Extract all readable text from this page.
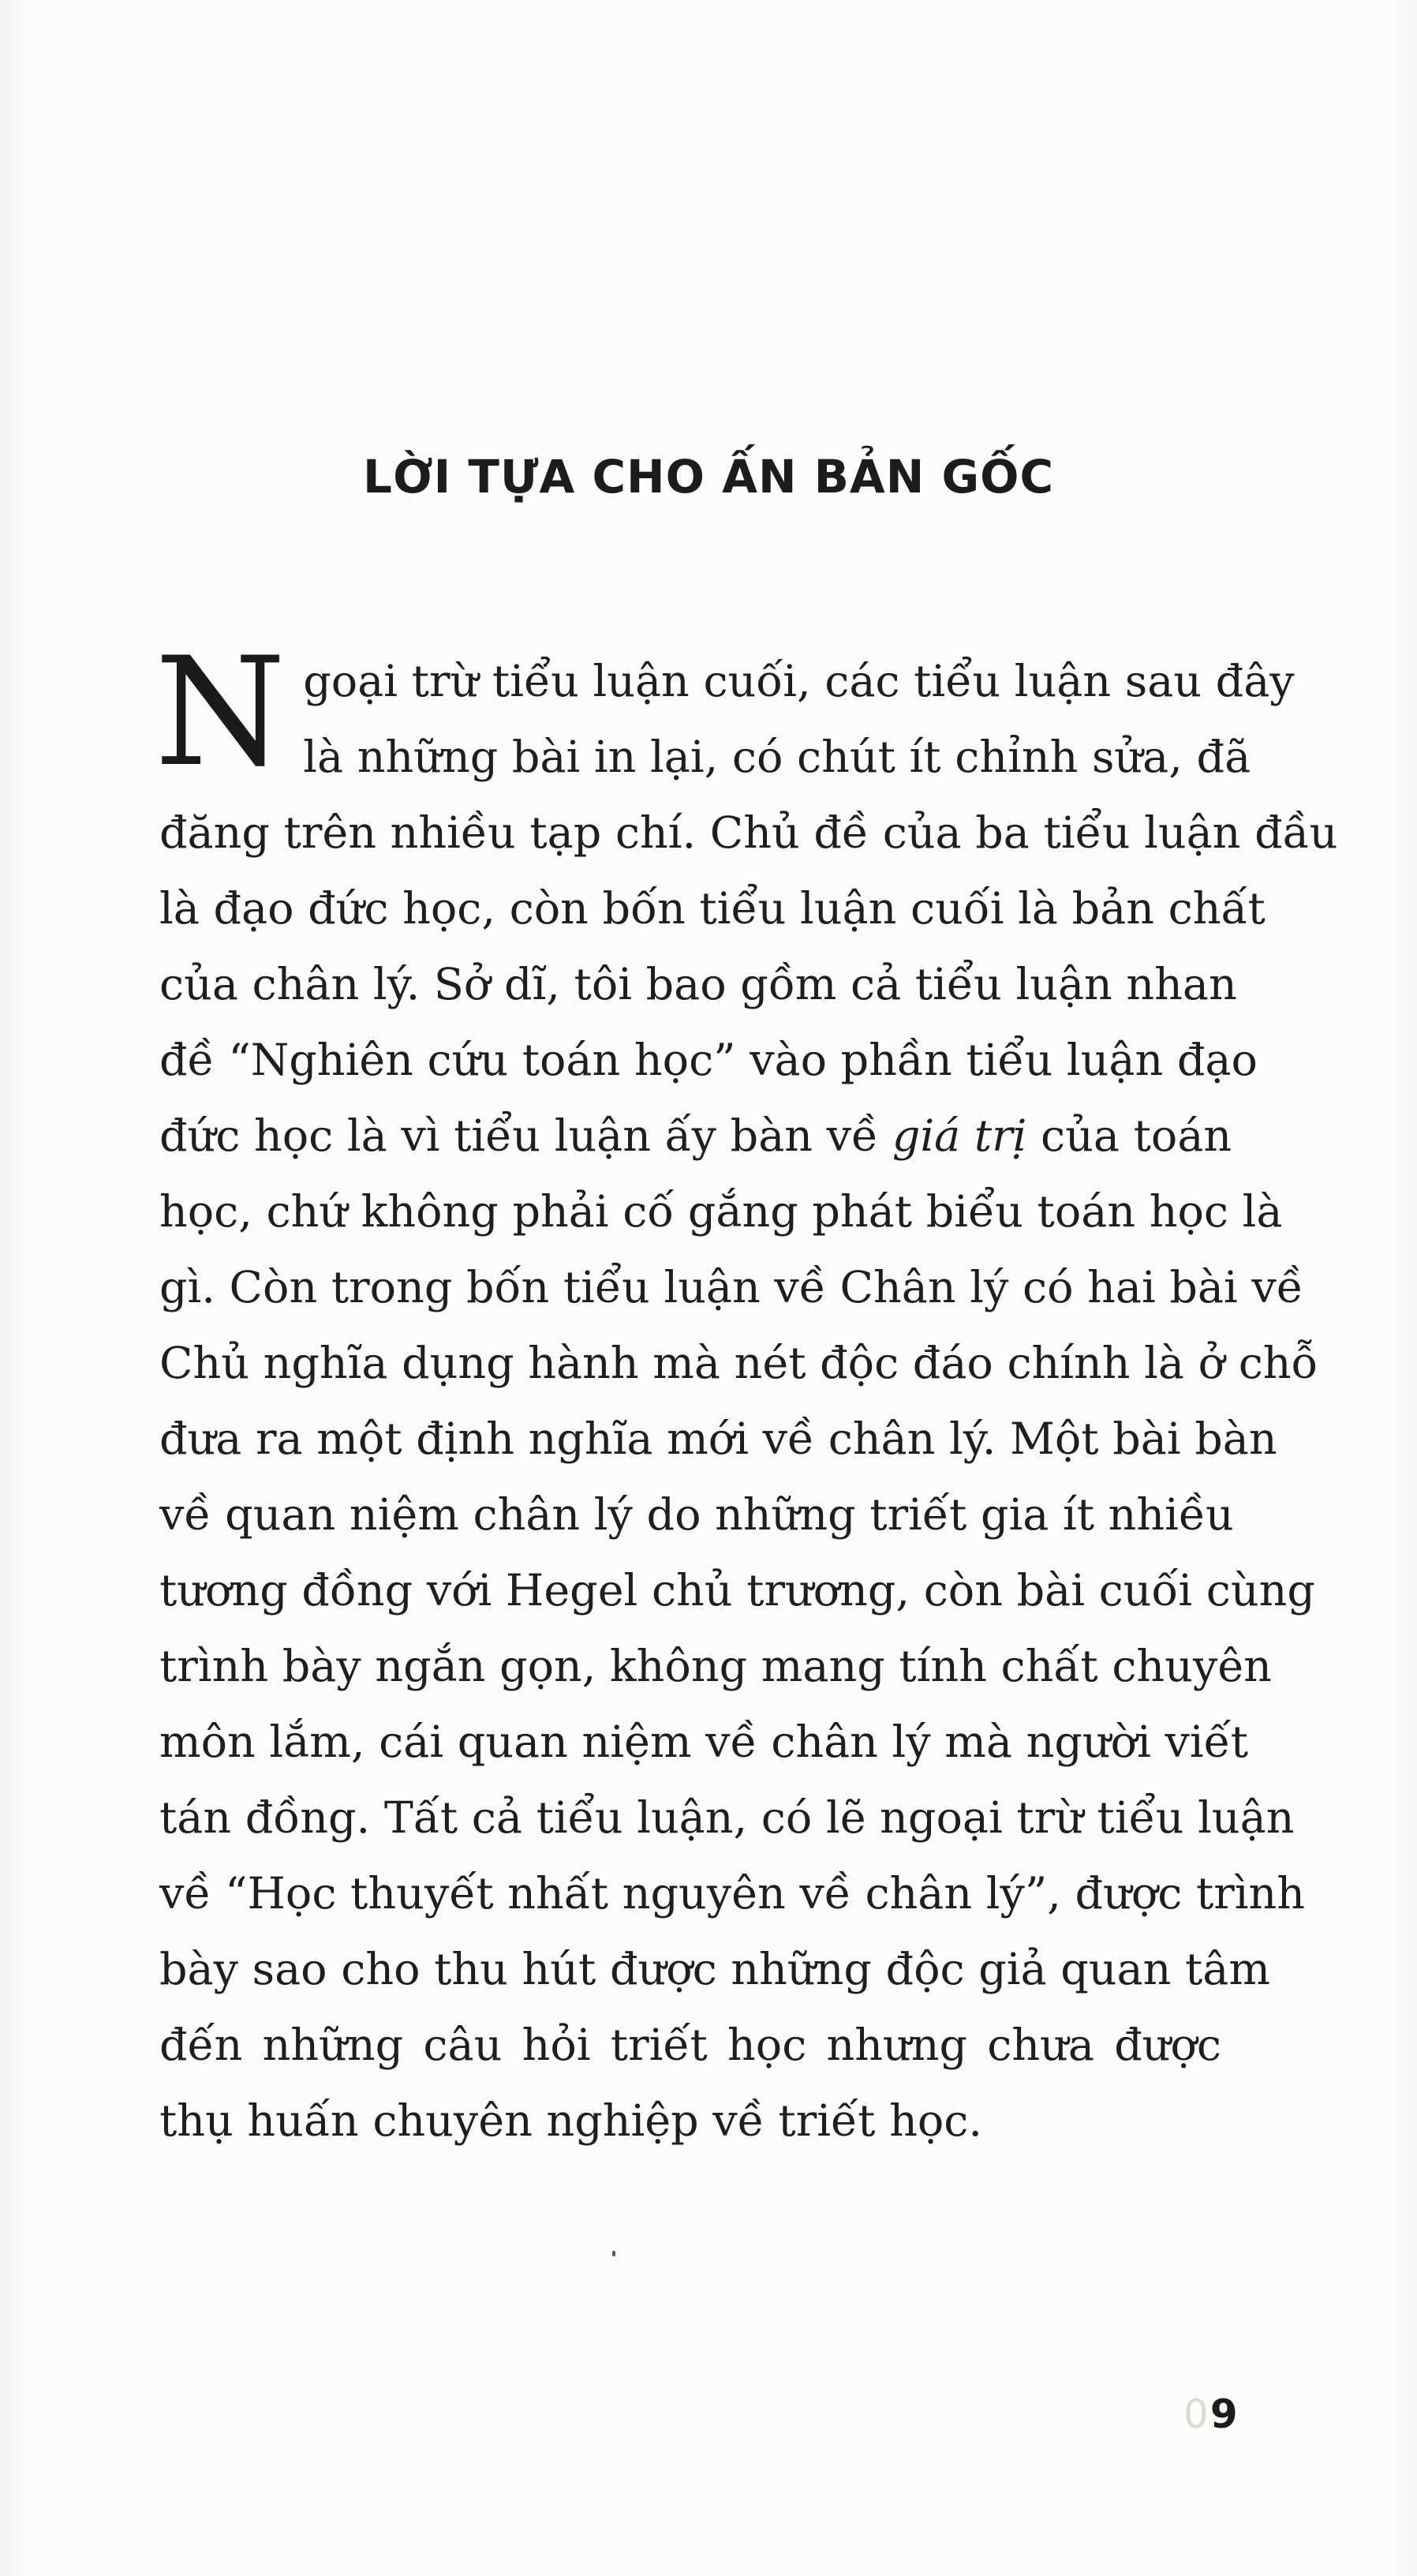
LỜI TỰA CHO ẤN BẢN GỐC
N goại trừ tiểu luận cuối, các tiểu luận sau đây
là những bài in lại, có chút ít chỉnh sửa, đã
đăng trên nhiều tạp chí. Chủ đề của ba tiểu luận đầu
là đạo đức học, còn bốn tiểu luận cuối là bản chất
của chân lý. Sở dĩ, tôi bao gồm cả tiểu luận nhan
đề “Nghiên cứu toán học” vào phần tiểu luận đạo
đức học là vì tiểu luận ấy bàn về giá trị của toán
học, chứ không phải cố gắng phát biểu toán học là
gì. Còn trong bốn tiểu luận về Chân lý có hai bài về
Chủ nghĩa dụng hành mà nét độc đáo chính là ở chỗ
đưa ra một định nghĩa mới về chân lý. Một bài bàn
về quan niệm chân lý do những triết gia ít nhiều
tương đồng với Hegel chủ trương, còn bài cuối cùng
trình bày ngắn gọn, không mang tính chất chuyên
môn lắm, cái quan niệm về chân lý mà người viết
tán đồng. Tất cả tiểu luận, có lẽ ngoại trừ tiểu luận
về “Học thuyết nhất nguyên về chân lý”, được trình
bày sao cho thu hút được những độc giả quan tâm
đến những câu hỏi triết học nhưng chưa được
thụ huấn chuyên nghiệp về triết học.
09
